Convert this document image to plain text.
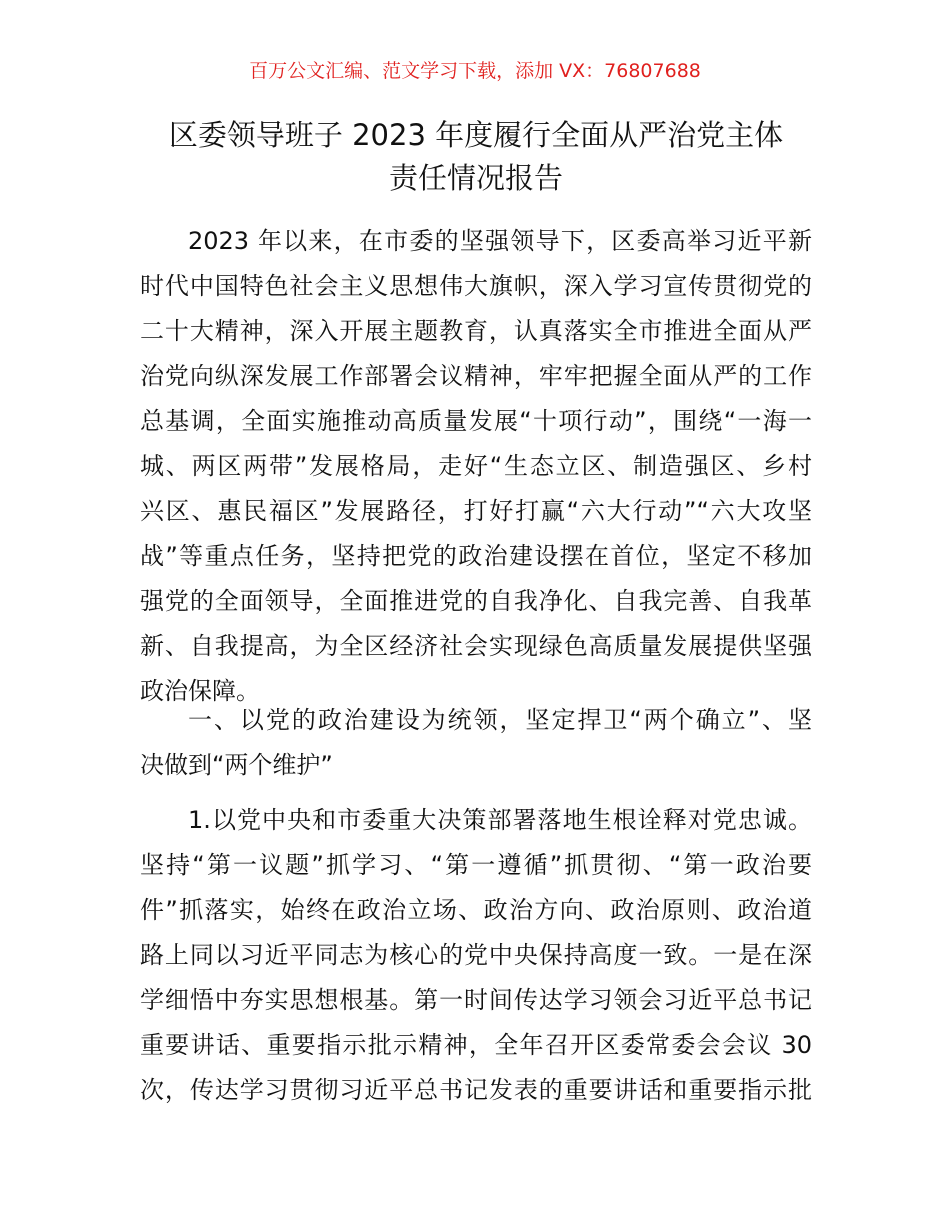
百万公文汇编、范文学习下载，添加 VX：76807688
区委领导班子 2023 年度履行全面从严治党主体
责任情况报告
2023 年以来，在市委的坚强领导下，区委高举习近平新
时代中国特色社会主义思想伟大旗帜，深入学习宣传贯彻党的
二十大精神，深入开展主题教育，认真落实全市推进全面从严
治党向纵深发展工作部署会议精神，牢牢把握全面从严的工作
总基调，全面实施推动高质量发展“十项行动”，围绕“一海一
城、两区两带”发展格局，走好“生态立区、制造强区、乡村
兴区、惠民福区”发展路径，打好打赢“六大行动”“六大攻坚
战”等重点任务，坚持把党的政治建设摆在首位，坚定不移加
强党的全面领导，全面推进党的自我净化、自我完善、自我革
新、自我提高，为全区经济社会实现绿色高质量发展提供坚强
政治保障。
一、以党的政治建设为统领，坚定捍卫“两个确立”、坚
决做到“两个维护”
1.以党中央和市委重大决策部署落地生根诠释对党忠诚。
坚持“第一议题”抓学习、“第一遵循”抓贯彻、“第一政治要
件”抓落实，始终在政治立场、政治方向、政治原则、政治道
路上同以习近平同志为核心的党中央保持高度一致。一是在深
学细悟中夯实思想根基。第一时间传达学习领会习近平总书记
重要讲话、重要指示批示精神，全年召开区委常委会会议 30
次，传达学习贯彻习近平总书记发表的重要讲话和重要指示批
